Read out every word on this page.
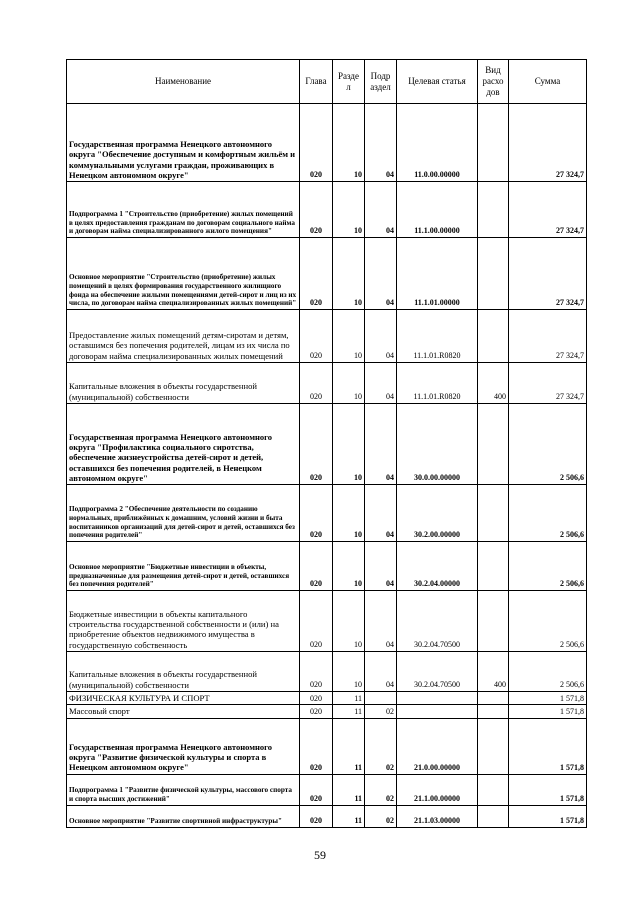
Наименование	Глава	Разде л	Подр аздел	Целевая статья	Вид расхо дов	Сумма
Государственная программа Ненецкого автономного округа "Обеспечение доступным и комфортным жильём и коммунальными услугами граждан, проживающих в Ненецком автономном округе"	020	10	04	11.0.00.00000		27 324,7
Подпрограмма 1 "Строительство (приобретение) жилых помещений в целях предоставления гражданам по договорам социального найма и договорам найма специализированного жилого помещения"	020	10	04	11.1.00.00000		27 324,7
Основное мероприятие "Строительство (приобретение) жилых помещений в целях формирования государственного жилищного фонда на обеспечение жилыми помещениями детей-сирот и лиц из их числа, по договорам найма специализированных жилых помещений"	020	10	04	11.1.01.00000		27 324,7
Предоставление жилых помещений детям-сиротам и детям, оставшимся без попечения родителей, лицам из их числа по договорам найма специализированных жилых помещений	020	10	04	11.1.01.R0820		27 324,7
Капитальные вложения в объекты государственной (муниципальной) собственности	020	10	04	11.1.01.R0820	400	27 324,7
Государственная программа Ненецкого автономного округа "Профилактика социального сиротства, обеспечение жизнеустройства детей-сирот и детей, оставшихся без попечения родителей, в Ненецком автономном округе"	020	10	04	30.0.00.00000		2 506,6
Подпрограмма 2 "Обеспечение деятельности по созданию нормальных, приближённых к домашним, условий жизни и быта воспитанников организаций для детей-сирот и детей, оставшихся без попечения родителей"	020	10	04	30.2.00.00000		2 506,6
Основное мероприятие "Бюджетные инвестиции в объекты, предназначенные для размещения детей-сирот и детей, оставшихся без попечения родителей"	020	10	04	30.2.04.00000		2 506,6
Бюджетные инвестиции в объекты капитального строительства государственной собственности и (или) на приобретение объектов недвижимого имущества в государственную собственность	020	10	04	30.2.04.70500		2 506,6
Капитальные вложения в объекты государственной (муниципальной) собственности	020	10	04	30.2.04.70500	400	2 506,6
ФИЗИЧЕСКАЯ КУЛЬТУРА И СПОРТ	020	11				1 571,8
Массовый спорт	020	11	02			1 571,8
Государственная программа Ненецкого автономного округа "Развитие физической культуры и спорта в Ненецком автономном округе"	020	11	02	21.0.00.00000		1 571,8
Подпрограмма 1 "Развитие физической культуры, массового спорта и спорта высших достижений"	020	11	02	21.1.00.00000		1 571,8
Основное мероприятие "Развитие спортивной инфраструктуры"	020	11	02	21.1.03.00000		1 571,8
59
